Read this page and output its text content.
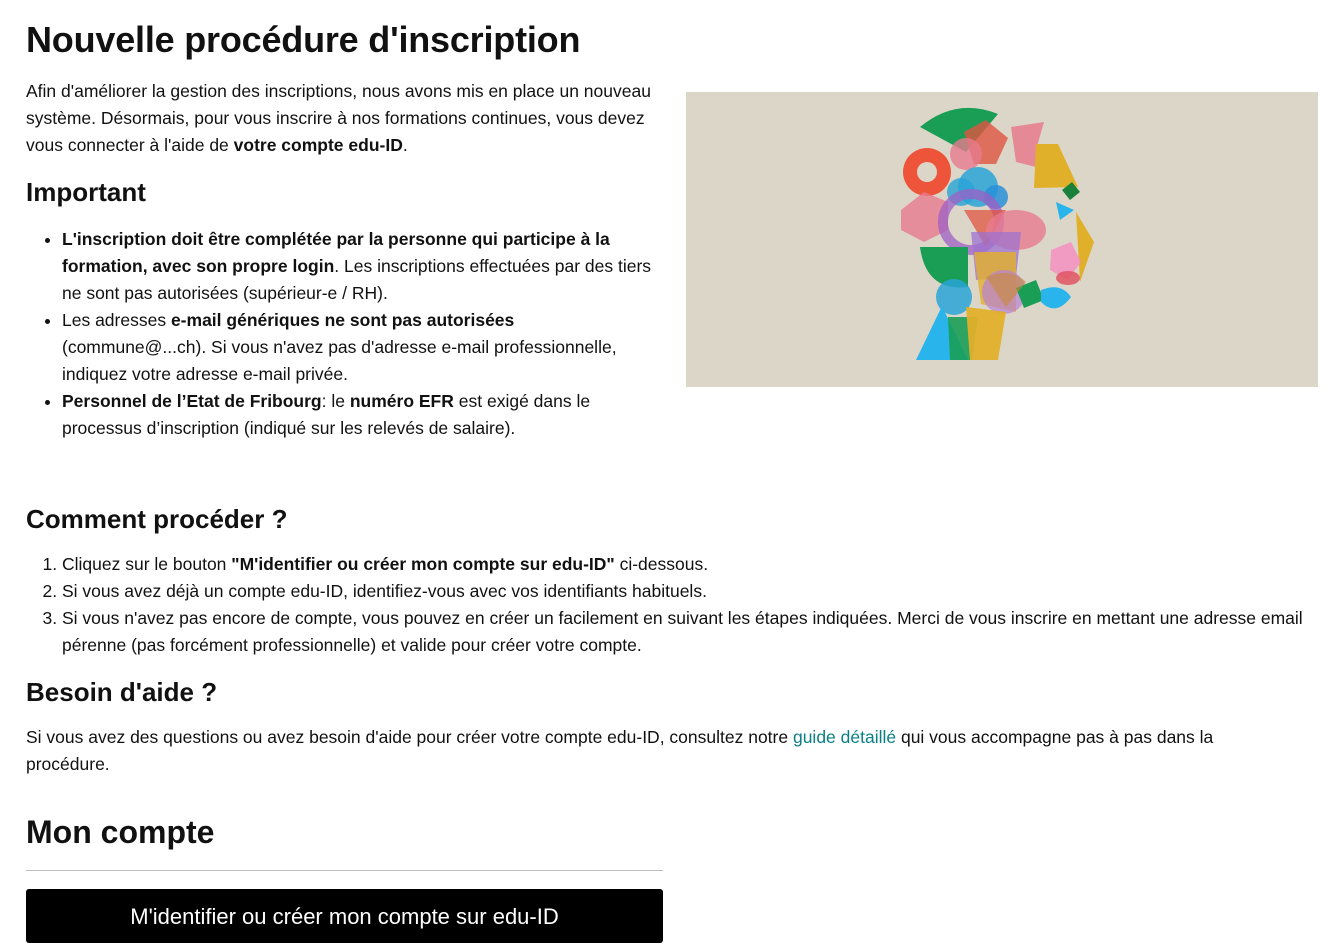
Nouvelle procédure d'inscription

Afin d'améliorer la gestion des inscriptions, nous avons mis en place un nouveau système. Désormais, pour vous inscrire à nos formations continues, vous devez vous connecter à l'aide de votre compte edu-ID.

Important
• L'inscription doit être complétée par la personne qui participe à la formation, avec son propre login. Les inscriptions effectuées par des tiers ne sont pas autorisées (supérieur-e / RH).
• Les adresses e-mail génériques ne sont pas autorisées (commune@...ch). Si vous n'avez pas d'adresse e-mail professionnelle, indiquez votre adresse e-mail privée.
• Personnel de l’Etat de Fribourg: le numéro EFR est exigé dans le processus d’inscription (indiqué sur les relevés de salaire).
Comment procéder ?
1. Cliquez sur le bouton "M'identifier ou créer mon compte sur edu-ID" ci-dessous.
2. Si vous avez déjà un compte edu-ID, identifiez-vous avec vos identifiants habituels.
3. Si vous n'avez pas encore de compte, vous pouvez en créer un facilement en suivant les étapes indiquées. Merci de vous inscrire en mettant une adresse email pérenne (pas forcément professionnelle) et valide pour créer votre compte.
Besoin d'aide ?

Si vous avez des questions ou avez besoin d'aide pour créer votre compte edu-ID, consultez notre guide détaillé qui vous accompagne pas à pas dans la procédure.

Mon compte
M'identifier ou créer mon compte sur edu-ID
